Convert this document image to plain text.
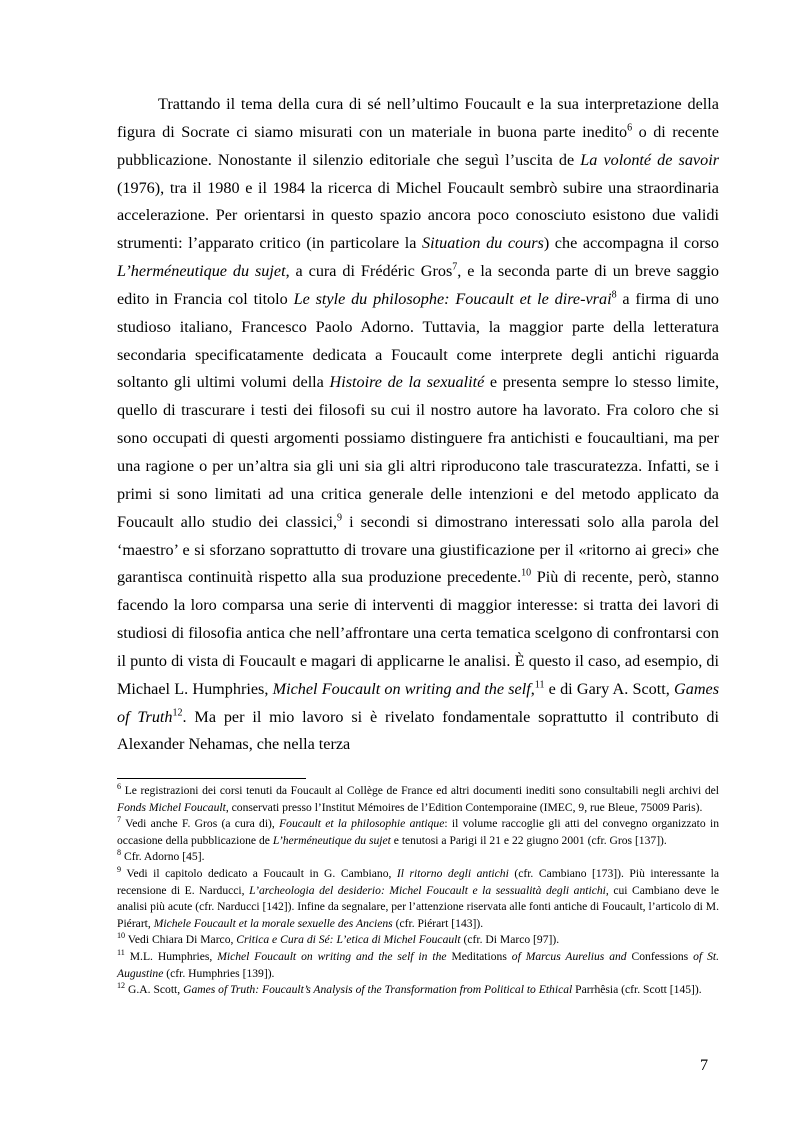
Trattando il tema della cura di sé nell’ultimo Foucault e la sua interpretazione della figura di Socrate ci siamo misurati con un materiale in buona parte inedito$^6$ o di recente pubblicazione. Nonostante il silenzio editoriale che seguì l’uscita de La volonté de savoir (1976), tra il 1980 e il 1984 la ricerca di Michel Foucault sembrò subire una straordinaria accelerazione. Per orientarsi in questo spazio ancora poco conosciuto esistono due validi strumenti: l’apparato critico (in particolare la Situation du cours) che accompagna il corso L’herméneutique du sujet, a cura di Frédéric Gros$^7$, e la seconda parte di un breve saggio edito in Francia col titolo Le style du philosophe: Foucault et le dire-vrai$^8$ a firma di uno studioso italiano, Francesco Paolo Adorno. Tuttavia, la maggior parte della letteratura secondaria specificatamente dedicata a Foucault come interprete degli antichi riguarda soltanto gli ultimi volumi della Histoire de la sexualité e presenta sempre lo stesso limite, quello di trascurare i testi dei filosofi su cui il nostro autore ha lavorato. Fra coloro che si sono occupati di questi argomenti possiamo distinguere fra antichisti e foucaultiani, ma per una ragione o per un’altra sia gli uni sia gli altri riproducono tale trascuratezza. Infatti, se i primi si sono limitati ad una critica generale delle intenzioni e del metodo applicato da Foucault allo studio dei classici,$^9$ i secondi si dimostrano interessati solo alla parola del ‘maestro’ e si sforzano soprattutto di trovare una giustificazione per il «ritorno ai greci» che garantisca continuità rispetto alla sua produzione precedente.$^{10}$ Più di recente, però, stanno facendo la loro comparsa una serie di interventi di maggior interesse: si tratta dei lavori di studiosi di filosofia antica che nell’affrontare una certa tematica scelgono di confrontarsi con il punto di vista di Foucault e magari di applicarne le analisi. È questo il caso, ad esempio, di Michael L. Humphries, Michel Foucault on writing and the self,$^{11}$ e di Gary A. Scott, Games of Truth$^{12}$. Ma per il mio lavoro si è rivelato fondamentale soprattutto il contributo di Alexander Nehamas, che nella terza

$^6$ Le registrazioni dei corsi tenuti da Foucault al Collège de France ed altri documenti inediti sono consultabili negli archivi del Fonds Michel Foucault, conservati presso l’Institut Mémoires de l’Edition Contemporaine (IMEC, 9, rue Bleue, 75009 Paris).

$^7$ Vedi anche F. Gros (a cura di), Foucault et la philosophie antique: il volume raccoglie gli atti del convegno organizzato in occasione della pubblicazione de L’herméneutique du sujet e tenutosi a Parigi il 21 e 22 giugno 2001 (cfr. Gros [137]).

$^8$ Cfr. Adorno [45].

$^9$ Vedi il capitolo dedicato a Foucault in G. Cambiano, Il ritorno degli antichi (cfr. Cambiano [173]). Più interessante la recensione di E. Narducci, L’archeologia del desiderio: Michel Foucault e la sessualità degli antichi, cui Cambiano deve le analisi più acute (cfr. Narducci [142]). Infine da segnalare, per l’attenzione riservata alle fonti antiche di Foucault, l’articolo di M. Piérart, Michele Foucault et la morale sexuelle des Anciens (cfr. Piérart [143]).

$^{10}$ Vedi Chiara Di Marco, Critica e Cura di Sé: L’etica di Michel Foucault (cfr. Di Marco [97]).

$^{11}$ M.L. Humphries, Michel Foucault on writing and the self in the Meditations of Marcus Aurelius and Confessions of St. Augustine (cfr. Humphries [139]).

$^{12}$ G.A. Scott, Games of Truth: Foucault’s Analysis of the Transformation from Political to Ethical Parrhêsia (cfr. Scott [145]).

7
